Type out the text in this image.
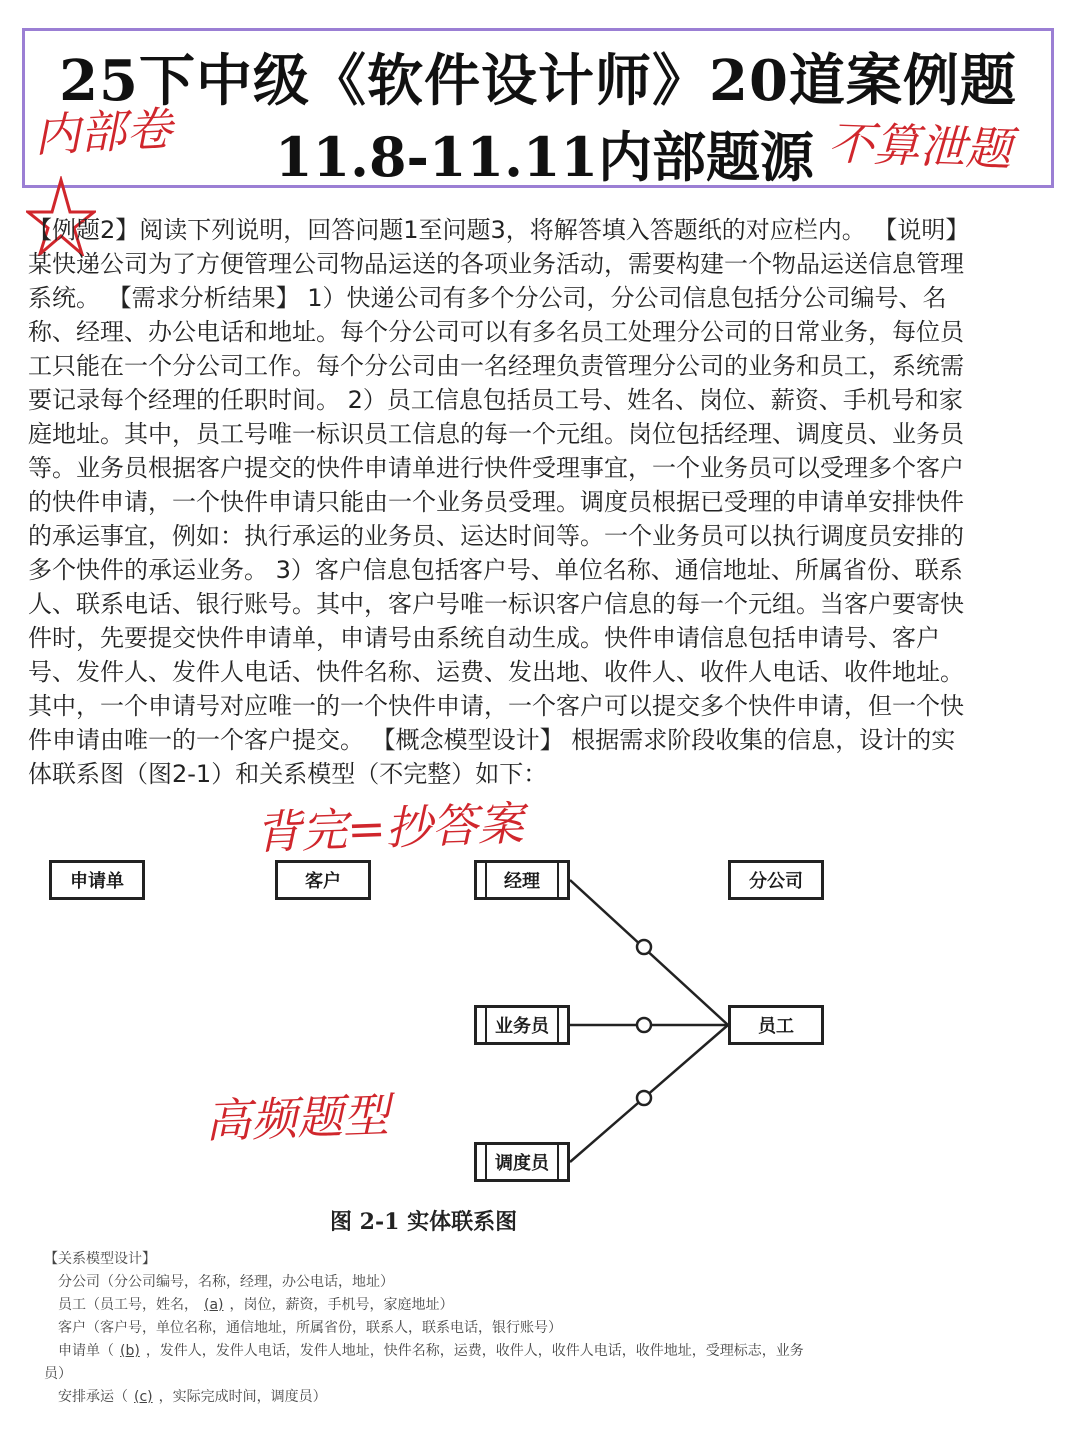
25下中级《软件设计师》20道案例题
11.8-11.11内部题源
内部卷	不算泄题

【例题2】阅读下列说明，回答问题1至问题3，将解答填入答题纸的对应栏内。 【说明】

某快递公司为了方便管理公司物品运送的各项业务活动，需要构建一个物品运送信息管理

系统。 【需求分析结果】 1）快递公司有多个分公司，分公司信息包括分公司编号、名

称、经理、办公电话和地址。每个分公司可以有多名员工处理分公司的日常业务，每位员

工只能在一个分公司工作。每个分公司由一名经理负责管理分公司的业务和员工，系统需

要记录每个经理的任职时间。 2）员工信息包括员工号、姓名、岗位、薪资、手机号和家

庭地址。其中，员工号唯一标识员工信息的每一个元组。岗位包括经理、调度员、业务员

等。业务员根据客户提交的快件申请单进行快件受理事宜，一个业务员可以受理多个客户

的快件申请，一个快件申请只能由一个业务员受理。调度员根据已受理的申请单安排快件

的承运事宜，例如：执行承运的业务员、运达时间等。一个业务员可以执行调度员安排的

多个快件的承运业务。 3）客户信息包括客户号、单位名称、通信地址、所属省份、联系

人、联系电话、银行账号。其中，客户号唯一标识客户信息的每一个元组。当客户要寄快

件时，先要提交快件申请单，申请号由系统自动生成。快件申请信息包括申请号、客户

号、发件人、发件人电话、快件名称、运费、发出地、收件人、收件人电话、收件地址。

其中，一个申请号对应唯一的一个快件申请，一个客户可以提交多个快件申请，但一个快

件申请由唯一的一个客户提交。 【概念模型设计】 根据需求阶段收集的信息，设计的实

体联系图（图2-1）和关系模型（不完整）如下：

背完=抄答案
申请单	客户	经理	分公司
业务员	员工
调度员
高频题型
图 2-1 实体联系图
【关系模型设计】
分公司（分公司编号，名称，经理，办公电话，地址）
员工（员工号，姓名， (a) ，岗位，薪资，手机号，家庭地址）
客户（客户号，单位名称，通信地址，所属省份，联系人，联系电话，银行账号）
申请单（ (b) ，发件人，发件人电话，发件人地址，快件名称，运费，收件人，收件人电话，收件地址，受理标志，业务
员）
安排承运（ (c) ，实际完成时间，调度员）
